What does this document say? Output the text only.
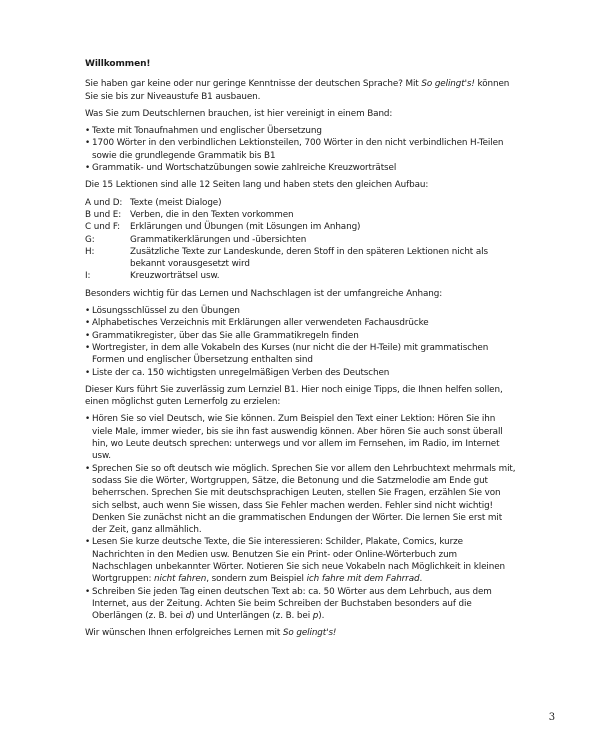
Willkommen!

Sie haben gar keine oder nur geringe Kenntnisse der deutschen Sprache? Mit So gelingt's! können Sie sie bis zur Niveaustufe B1 ausbauen.

Was Sie zum Deutschlernen brauchen, ist hier vereinigt in einem Band:

• Texte mit Tonaufnahmen und englischer Übersetzung
• 1700 Wörter in den verbindlichen Lektionsteilen, 700 Wörter in den nicht verbindlichen H-Teilen sowie die grundlegende Grammatik bis B1
• Grammatik- und Wortschatzübungen sowie zahlreiche Kreuzworträtsel

Die 15 Lektionen sind alle 12 Seiten lang und haben stets den gleichen Aufbau:

A und D: Texte (meist Dialoge)
B und E:	Verben, die in den Texten vorkommen
C und F:	Erklärungen und Übungen (mit Lösungen im Anhang)
G:	Grammatikerklärungen und -übersichten
H:	Zusätzliche Texte zur Landeskunde, deren Stoff in den späteren Lektionen nicht als bekannt vorausgesetzt wird
I:	Kreuzworträtsel usw.

Besonders wichtig für das Lernen und Nachschlagen ist der umfangreiche Anhang:

• Lösungsschlüssel zu den Übungen
• Alphabetisches Verzeichnis mit Erklärungen aller verwendeten Fachausdrücke
• Grammatikregister, über das Sie alle Grammatikregeln finden
• Wortregister, in dem alle Vokabeln des Kurses (nur nicht die der H-Teile) mit grammatischen Formen und englischer Übersetzung enthalten sind
• Liste der ca. 150 wichtigsten unregelmäßigen Verben des Deutschen

Dieser Kurs führt Sie zuverlässig zum Lernziel B1. Hier noch einige Tipps, die Ihnen helfen sollen, einen möglichst guten Lernerfolg zu erzielen:

• Hören Sie so viel Deutsch, wie Sie können. Zum Beispiel den Text einer Lektion: Hören Sie ihn viele Male, immer wieder, bis sie ihn fast auswendig können. Aber hören Sie auch sonst überall hin, wo Leute deutsch sprechen: unterwegs und vor allem im Fernsehen, im Radio, im Internet usw.
• Sprechen Sie so oft deutsch wie möglich. Sprechen Sie vor allem den Lehrbuchtext mehrmals mit, sodass Sie die Wörter, Wortgruppen, Sätze, die Betonung und die Satzmelodie am Ende gut beherrschen. Sprechen Sie mit deutschsprachigen Leuten, stellen Sie Fragen, erzählen Sie von sich selbst, auch wenn Sie wissen, dass Sie Fehler machen werden. Fehler sind nicht wichtig! Denken Sie zunächst nicht an die grammatischen Endungen der Wörter. Die lernen Sie erst mit der Zeit, ganz allmählich.
• Lesen Sie kurze deutsche Texte, die Sie interessieren: Schilder, Plakate, Comics, kurze Nachrichten in den Medien usw. Benutzen Sie ein Print- oder Online-Wörterbuch zum Nachschlagen unbekannter Wörter. Notieren Sie sich neue Vokabeln nach Möglichkeit in kleinen Wortgruppen: nicht fahren, sondern zum Beispiel ich fahre mit dem Fahrrad.
• Schreiben Sie jeden Tag einen deutschen Text ab: ca. 50 Wörter aus dem Lehrbuch, aus dem Internet, aus der Zeitung. Achten Sie beim Schreiben der Buchstaben besonders auf die Oberlängen (z. B. bei d) und Unterlängen (z. B. bei p).

Wir wünschen Ihnen erfolgreiches Lernen mit So gelingt's!

3
